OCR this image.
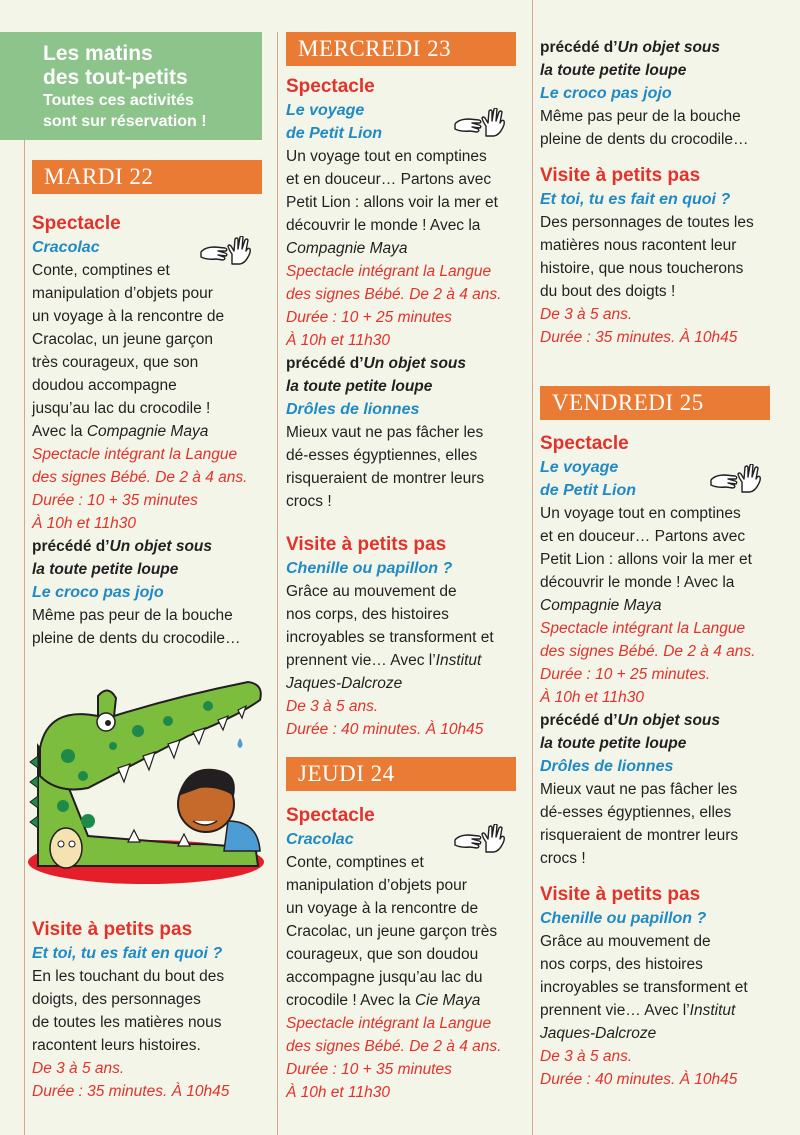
Les matins
des tout-petits
Toutes ces activités
sont sur réservation !
MARDI 22
Spectacle
Cracolac
Conte, comptines et
manipulation d’objets pour
un voyage à la rencontre de
Cracolac, un jeune garçon
très courageux, que son
doudou accompagne
jusqu’au lac du crocodile !
Avec la Compagnie Maya
Spectacle intégrant la Langue
des signes Bébé. De 2 à 4 ans.
Durée : 10 + 35 minutes
À 10h et 11h30
précédé d’Un objet sous
la toute petite loupe
Le croco pas jojo
Même pas peur de la bouche
pleine de dents du crocodile…
Visite à petits pas
Et toi, tu es fait en quoi ?
En les touchant du bout des
doigts, des personnages
de toutes les matières nous
racontent leurs histoires.
De 3 à 5 ans.
Durée : 35 minutes. À 10h45
MERCREDI 23
Spectacle
Le voyage
de Petit Lion
Un voyage tout en comptines
et en douceur… Partons avec
Petit Lion : allons voir la mer et
découvrir le monde ! Avec la
Compagnie Maya
Spectacle intégrant la Langue
des signes Bébé. De 2 à 4 ans.
Durée : 10 + 25 minutes
À 10h et 11h30
précédé d’Un objet sous
la toute petite loupe
Drôles de lionnes
Mieux vaut ne pas fâcher les
dé-esses égyptiennes, elles
risqueraient de montrer leurs
crocs !
Visite à petits pas
Chenille ou papillon ?
Grâce au mouvement de
nos corps, des histoires
incroyables se transforment et
prennent vie… Avec l’Institut
Jaques-Dalcroze
De 3 à 5 ans.
Durée : 40 minutes. À 10h45
JEUDI 24
Spectacle
Cracolac
Conte, comptines et
manipulation d’objets pour
un voyage à la rencontre de
Cracolac, un jeune garçon très
courageux, que son doudou
accompagne jusqu’au lac du
crocodile ! Avec la Cie Maya
Spectacle intégrant la Langue
des signes Bébé. De 2 à 4 ans.
Durée : 10 + 35 minutes
À 10h et 11h30
précédé d’Un objet sous
la toute petite loupe
Le croco pas jojo
Même pas peur de la bouche
pleine de dents du crocodile…
Visite à petits pas
Et toi, tu es fait en quoi ?
Des personnages de toutes les
matières nous racontent leur
histoire, que nous toucherons
du bout des doigts !
De 3 à 5 ans.
Durée : 35 minutes. À 10h45
VENDREDI 25
Spectacle
Le voyage
de Petit Lion
Un voyage tout en comptines
et en douceur… Partons avec
Petit Lion : allons voir la mer et
découvrir le monde ! Avec la
Compagnie Maya
Spectacle intégrant la Langue
des signes Bébé. De 2 à 4 ans.
Durée : 10 + 25 minutes.
À 10h et 11h30
précédé d’Un objet sous
la toute petite loupe
Drôles de lionnes
Mieux vaut ne pas fâcher les
dé-esses égyptiennes, elles
risqueraient de montrer leurs
crocs !
Visite à petits pas
Chenille ou papillon ?
Grâce au mouvement de
nos corps, des histoires
incroyables se transforment et
prennent vie… Avec l’Institut
Jaques-Dalcroze
De 3 à 5 ans.
Durée : 40 minutes. À 10h45
